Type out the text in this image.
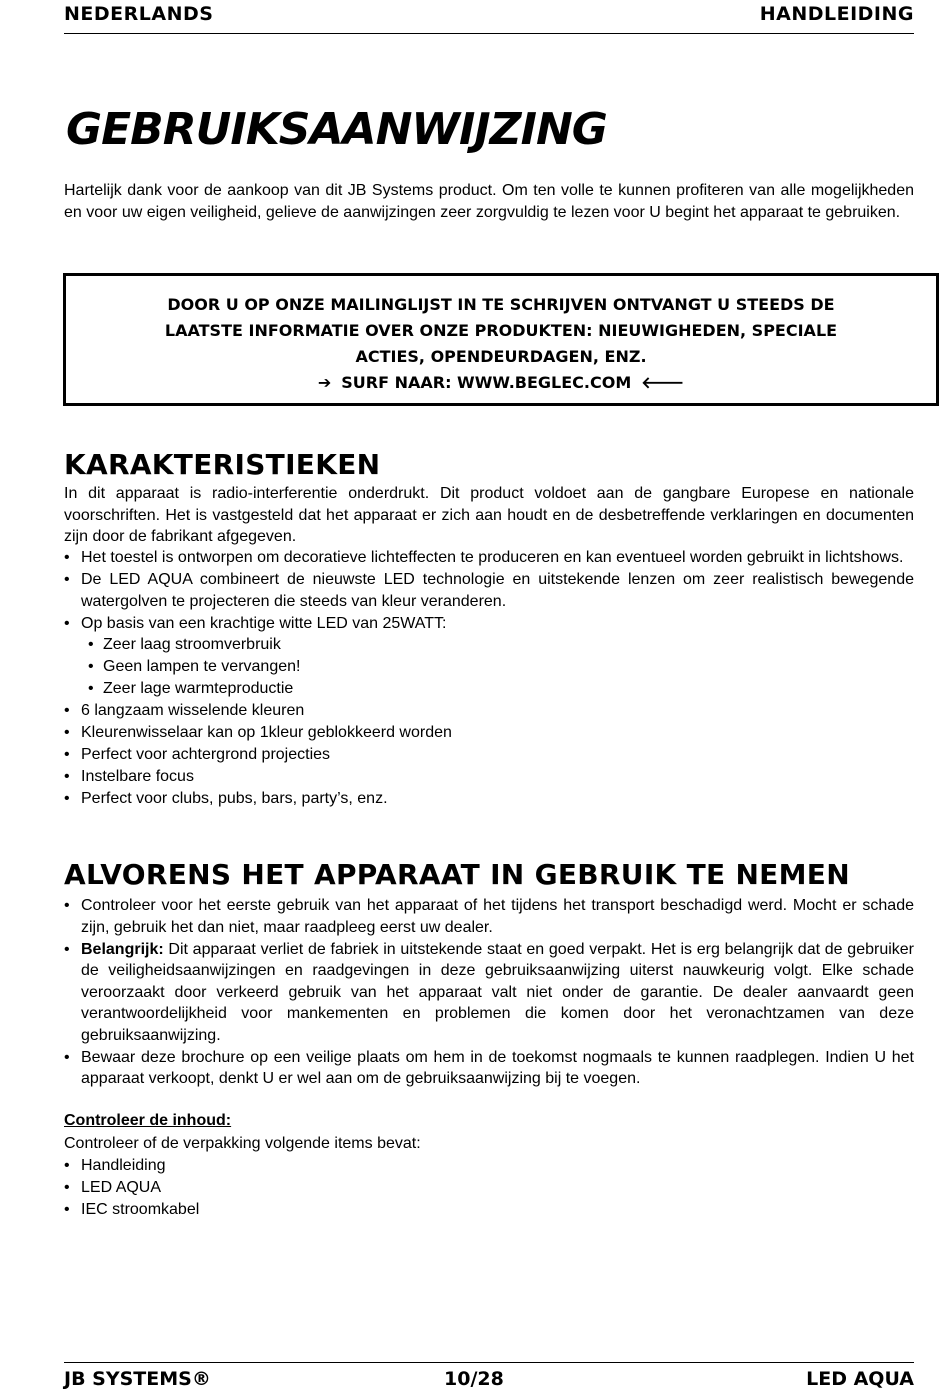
NEDERLANDS	HANDLEIDING
GEBRUIKSAANWIJZING

Hartelijk dank voor de aankoop van dit JB Systems product. Om ten volle te kunnen profiteren van alle mogelijkheden en voor uw eigen veiligheid, gelieve de aanwijzingen zeer zorgvuldig te lezen voor U begint het apparaat te gebruiken.

DOOR U OP ONZE MAILINGLIJST IN TE SCHRIJVEN ONTVANGT U STEEDS DE
LAATSTE INFORMATIE OVER ONZE PRODUKTEN: NIEUWIGHEDEN, SPECIALE
ACTIES, OPENDEURDAGEN, ENZ.
➔ SURF NAAR: WWW.BEGLEC.COM 🡐
KARAKTERISTIEKEN

In dit apparaat is radio-interferentie onderdrukt. Dit product voldoet aan de gangbare Europese en nationale voorschriften. Het is vastgesteld dat het apparaat er zich aan houdt en de desbetreffende verklaringen en documenten zijn door de fabrikant afgegeven.

• Het toestel is ontworpen om decoratieve lichteffecten te produceren en kan eventueel worden gebruikt in lichtshows.
• De LED AQUA combineert de nieuwste LED technologie en uitstekende lenzen om zeer realistisch bewegende watergolven te projecteren die steeds van kleur veranderen.
• Op basis van een krachtige witte LED van 25WATT:
• Zeer laag stroomverbruik
• Geen lampen te vervangen!
• Zeer lage warmteproductie
• 6 langzaam wisselende kleuren
• Kleurenwisselaar kan op 1kleur geblokkeerd worden
• Perfect voor achtergrond projecties
• Instelbare focus
• Perfect voor clubs, pubs, bars, party’s, enz.
ALVORENS HET APPARAAT IN GEBRUIK TE NEMEN
• Controleer voor het eerste gebruik van het apparaat of het tijdens het transport beschadigd werd. Mocht er schade zijn, gebruik het dan niet, maar raadpleeg eerst uw dealer.
• Belangrijk: Dit apparaat verliet de fabriek in uitstekende staat en goed verpakt. Het is erg belangrijk dat de gebruiker de veiligheidsaanwijzingen en raadgevingen in deze gebruiksaanwijzing uiterst nauwkeurig volgt. Elke schade veroorzaakt door verkeerd gebruik van het apparaat valt niet onder de garantie. De dealer aanvaardt geen verantwoordelijkheid voor mankementen en problemen die komen door het veronachtzamen van deze gebruiksaanwijzing.
• Bewaar deze brochure op een veilige plaats om hem in de toekomst nogmaals te kunnen raadplegen. Indien U het apparaat verkoopt, denkt U er wel aan om de gebruiksaanwijzing bij te voegen.

Controleer de inhoud:

Controleer of de verpakking volgende items bevat:

• Handleiding
• LED AQUA
• IEC stroomkabel
JB SYSTEMS®	10/28	LED AQUA
